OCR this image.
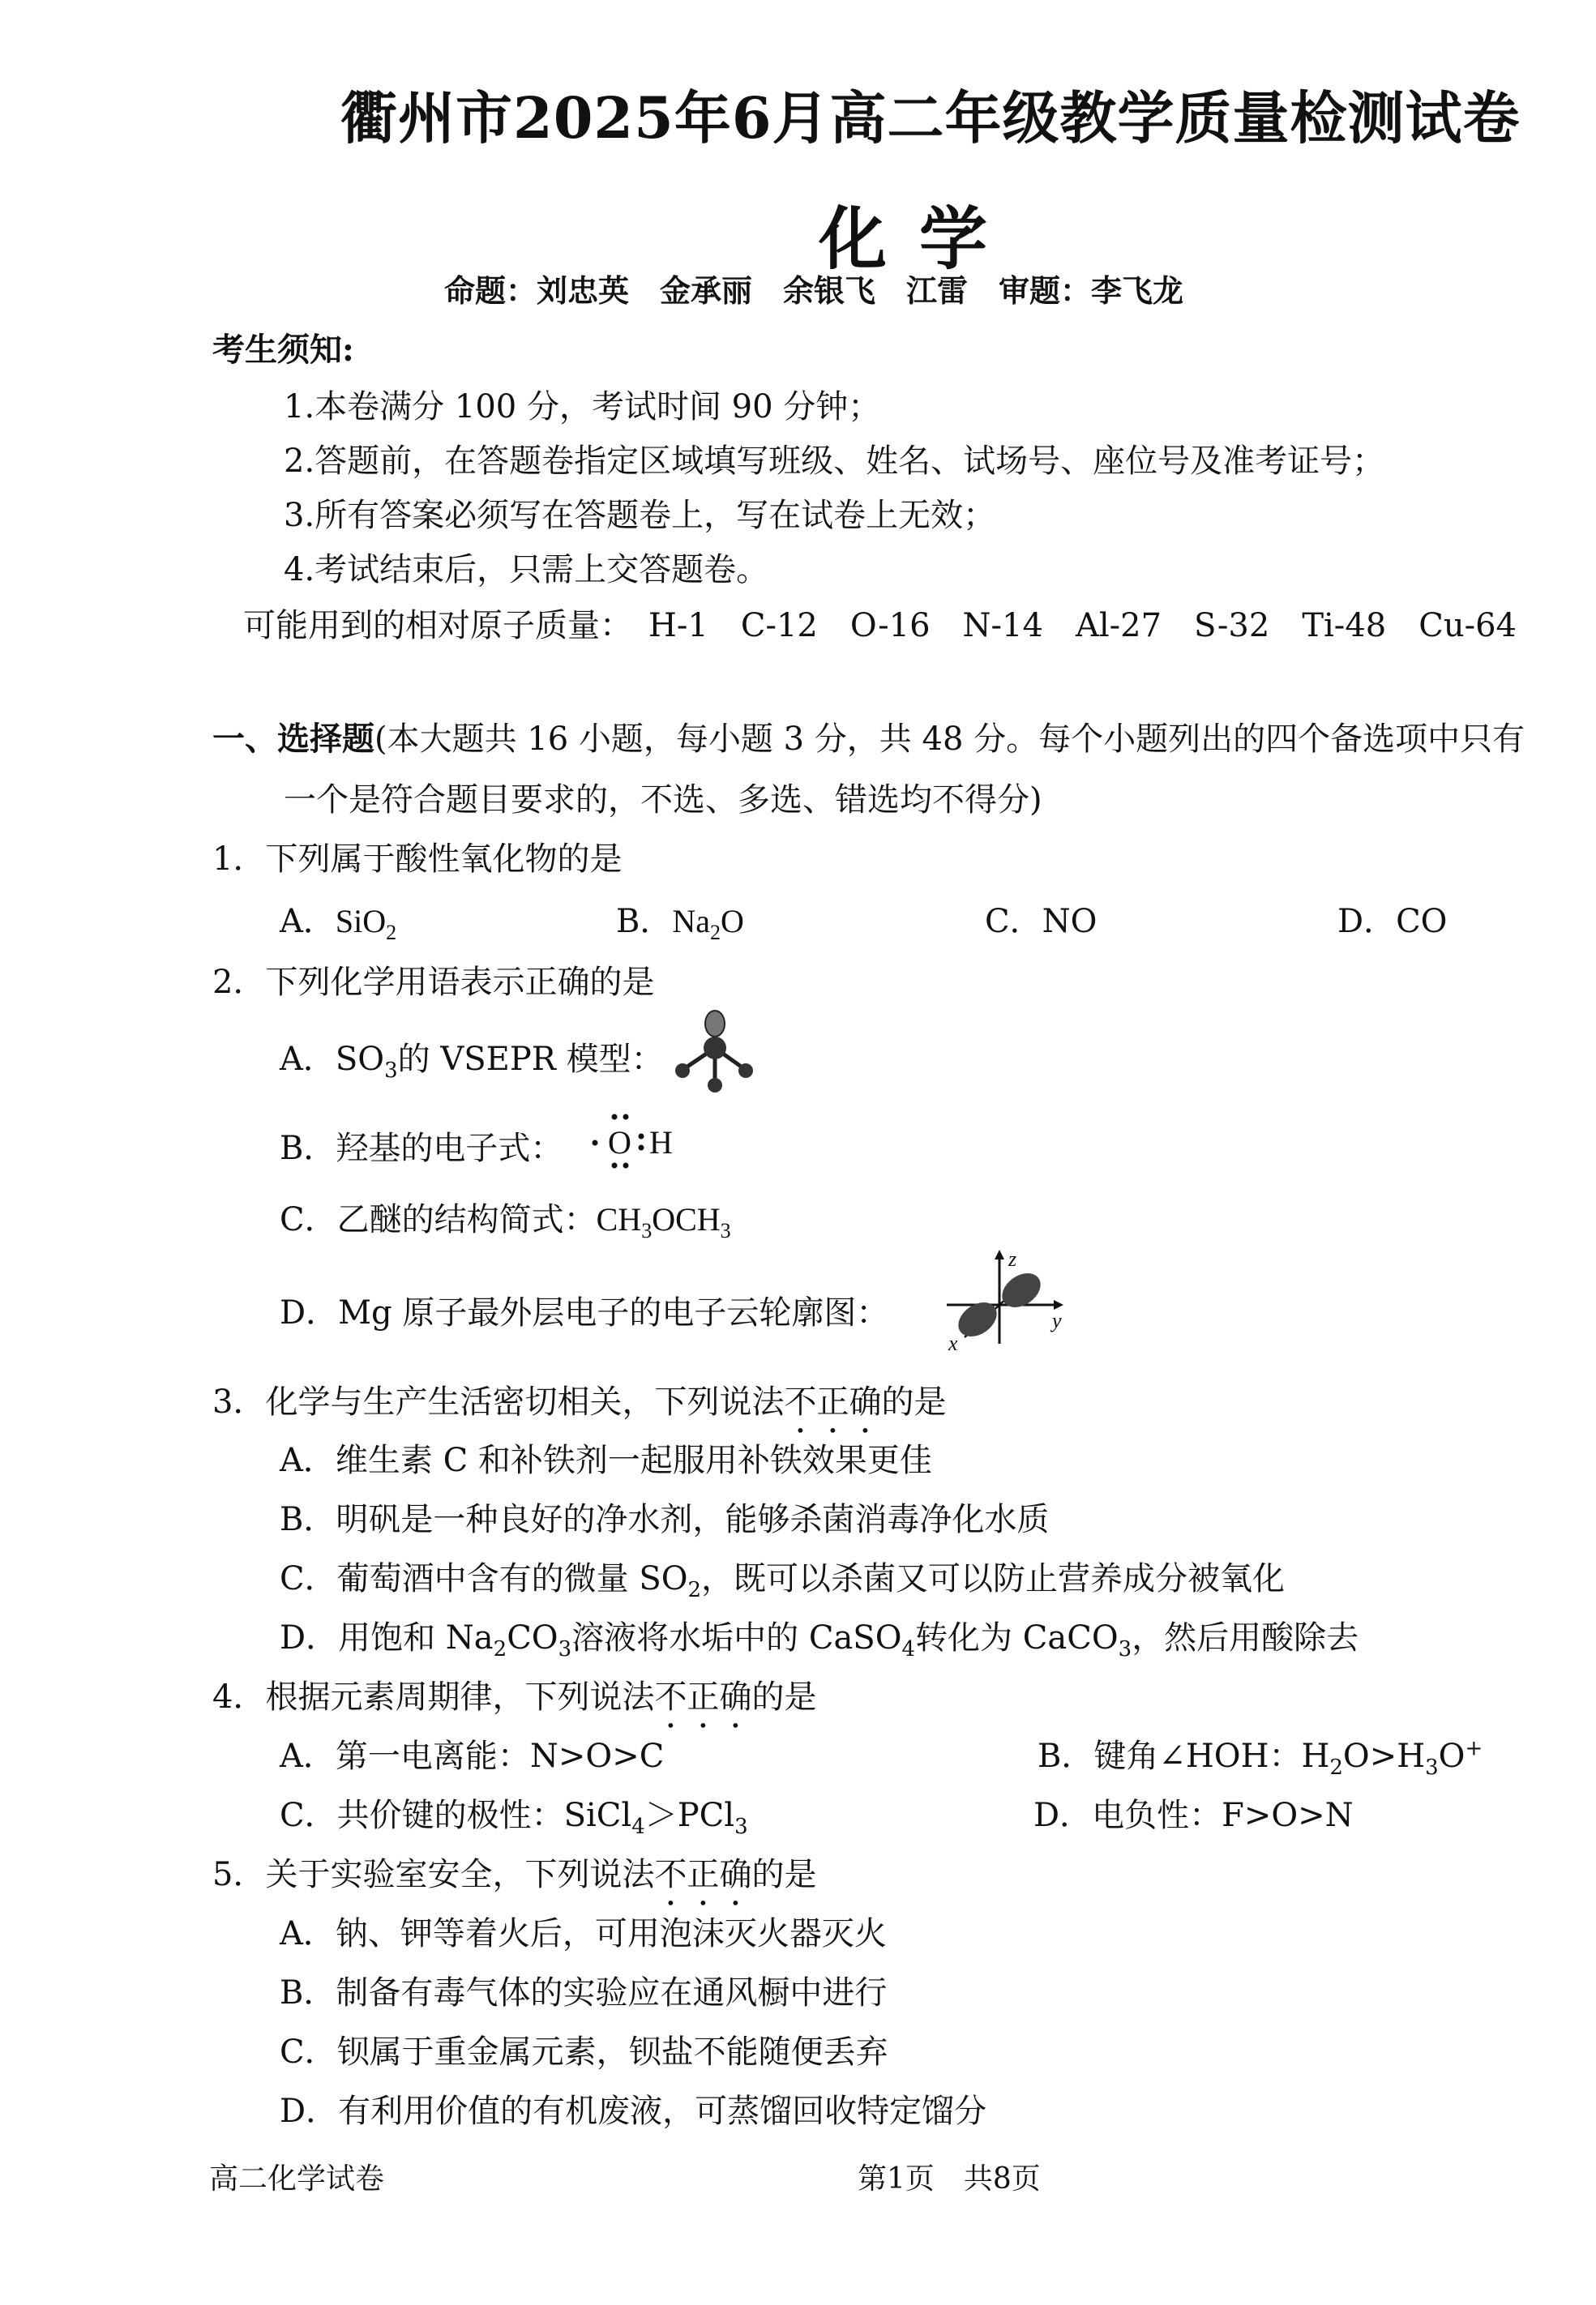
衢州市2025年6月高二年级教学质量检测试卷
化学
命题：刘忠英　金承丽　余银飞　江雷　审题：李飞龙
考生须知:
1.本卷满分 100 分，考试时间 90 分钟；
2.答题前，在答题卷指定区域填写班级、姓名、试场号、座位号及准考证号；
3.所有答案必须写在答题卷上，写在试卷上无效；
4.考试结束后，只需上交答题卷。
可能用到的相对原子质量：　H-1　C-12　O-16　N-14　Al-27　S-32　Ti-48　Cu-64
一、选择题(本大题共 16 小题，每小题 3 分，共 48 分。每个小题列出的四个备选项中只有
一个是符合题目要求的，不选、多选、错选均不得分)
1．下列属于酸性氧化物的是
A．SiO$_2$	B．$Na_2O$	C．NO	D．CO
2．下列化学用语表示正确的是
A．$SO_3$的 VSEPR 模型：
B．羟基的电子式： O H
C．乙醚的结构简式：$CH_3OCH_3$
D．Mg 原子最外层电子的电子云轮廓图：
z
y
x
3．化学与生产生活密切相关，下列说法不正确的是
A．维生素 C 和补铁剂一起服用补铁效果更佳
B．明矾是一种良好的净水剂，能够杀菌消毒净化水质
C．葡萄酒中含有的微量 $SO_2$，既可以杀菌又可以防止营养成分被氧化
D．用饱和 $Na_2CO_3$溶液将水垢中的 CaSO$_4$转化为 CaCO$_3$，然后用酸除去
4．根据元素周期律，下列说法不正确的是
A．第一电离能：N>O>C	B．键角∠HOH：$H_2O>H_3O^+$
C．共价键的极性：SiCl$_4$＞PCl$_3$	D．电负性：F>O>N
5．关于实验室安全，下列说法不正确的是
A．钠、钾等着火后，可用泡沫灭火器灭火
B．制备有毒气体的实验应在通风橱中进行
C．钡属于重金属元素，钡盐不能随便丢弃
D．有利用价值的有机废液，可蒸馏回收特定馏分
高二化学试卷	第1页　共8页
